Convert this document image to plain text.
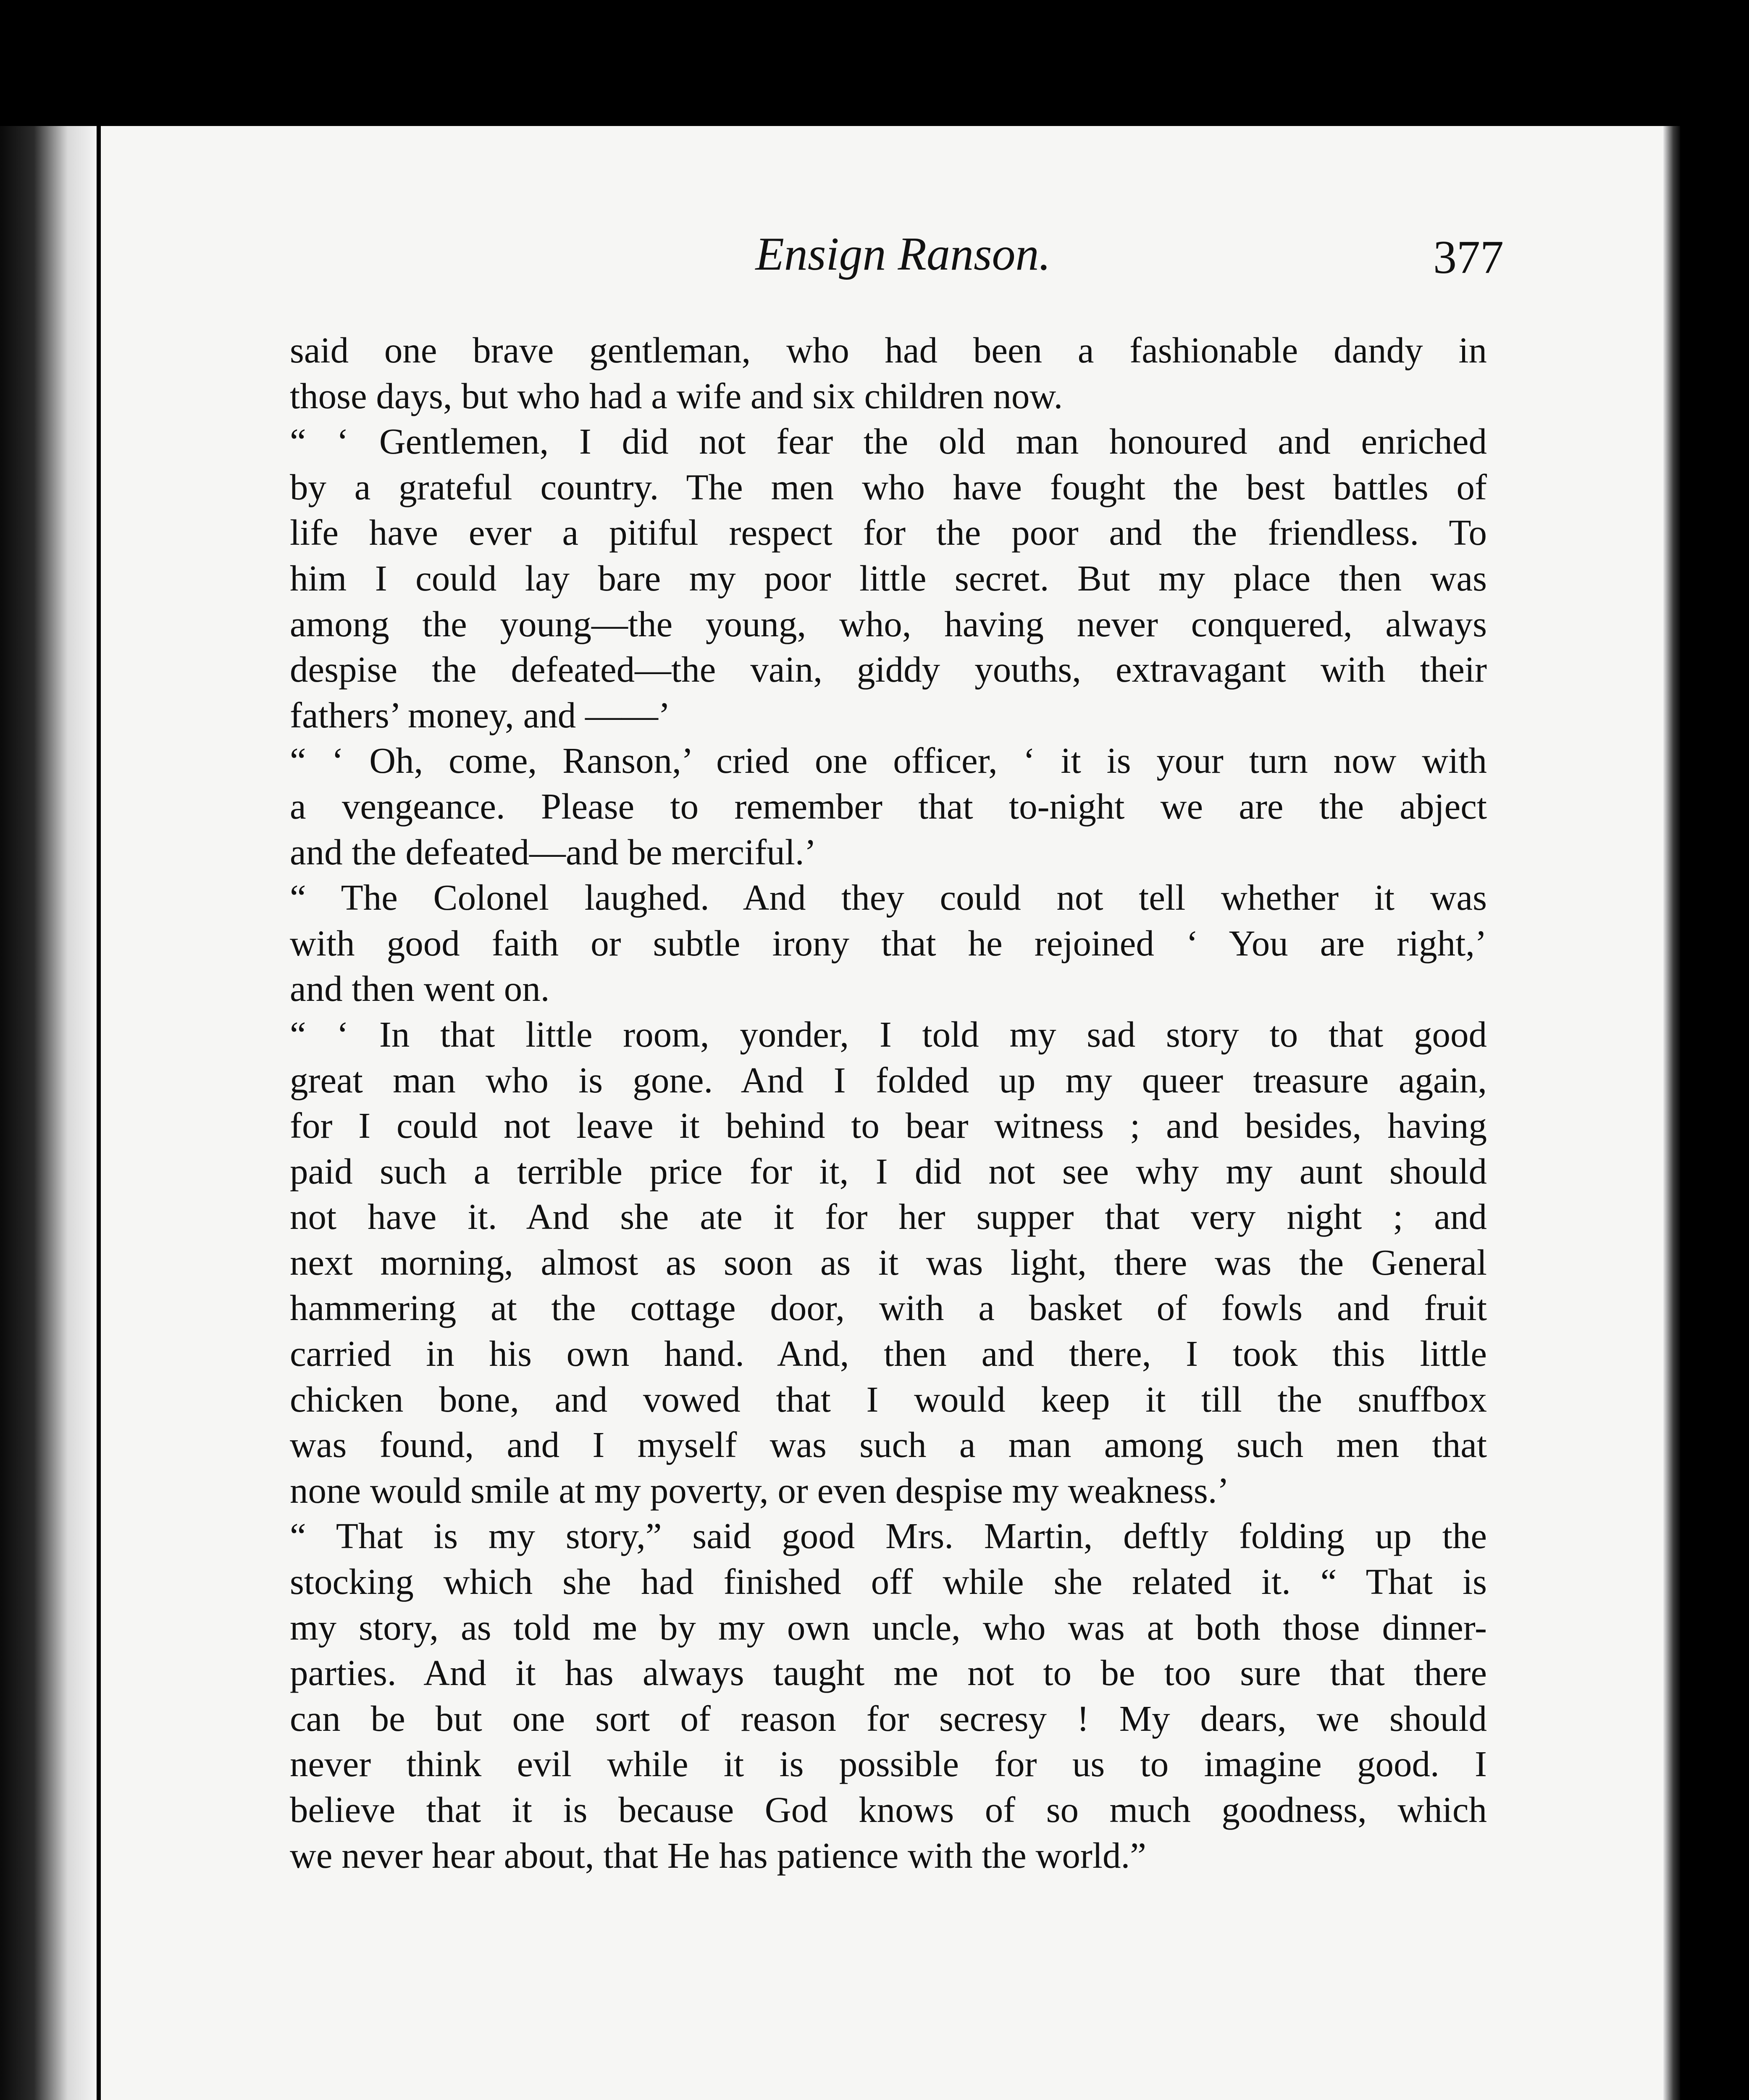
Ensign Ranson.	377
said one brave gentleman, who had been a fashionable dandy in
those days, but who had a wife and six children now.
“ ‘ Gentlemen, I did not fear the old man honoured and enriched
by a grateful country. The men who have fought the best battles of
life have ever a pitiful respect for the poor and the friendless. To
him I could lay bare my poor little secret. But my place then was
among the young—the young, who, having never conquered, always
despise the defeated—the vain, giddy youths, extravagant with their
fathers’ money, and ——’
“ ‘ Oh, come, Ranson,’ cried one officer, ‘ it is your turn now with
a vengeance. Please to remember that to-night we are the abject
and the defeated—and be merciful.’
“ The Colonel laughed. And they could not tell whether it was
with good faith or subtle irony that he rejoined ‘ You are right,’
and then went on.
“ ‘ In that little room, yonder, I told my sad story to that good
great man who is gone. And I folded up my queer treasure again,
for I could not leave it behind to bear witness ; and besides, having
paid such a terrible price for it, I did not see why my aunt should
not have it. And she ate it for her supper that very night ; and
next morning, almost as soon as it was light, there was the General
hammering at the cottage door, with a basket of fowls and fruit
carried in his own hand. And, then and there, I took this little
chicken bone, and vowed that I would keep it till the snuffbox
was found, and I myself was such a man among such men that
none would smile at my poverty, or even despise my weakness.’
“ That is my story,” said good Mrs. Martin, deftly folding up the
stocking which she had finished off while she related it. “ That is
my story, as told me by my own uncle, who was at both those dinner-
parties. And it has always taught me not to be too sure that there
can be but one sort of reason for secresy ! My dears, we should
never think evil while it is possible for us to imagine good. I
believe that it is because God knows of so much goodness, which
we never hear about, that He has patience with the world.”
